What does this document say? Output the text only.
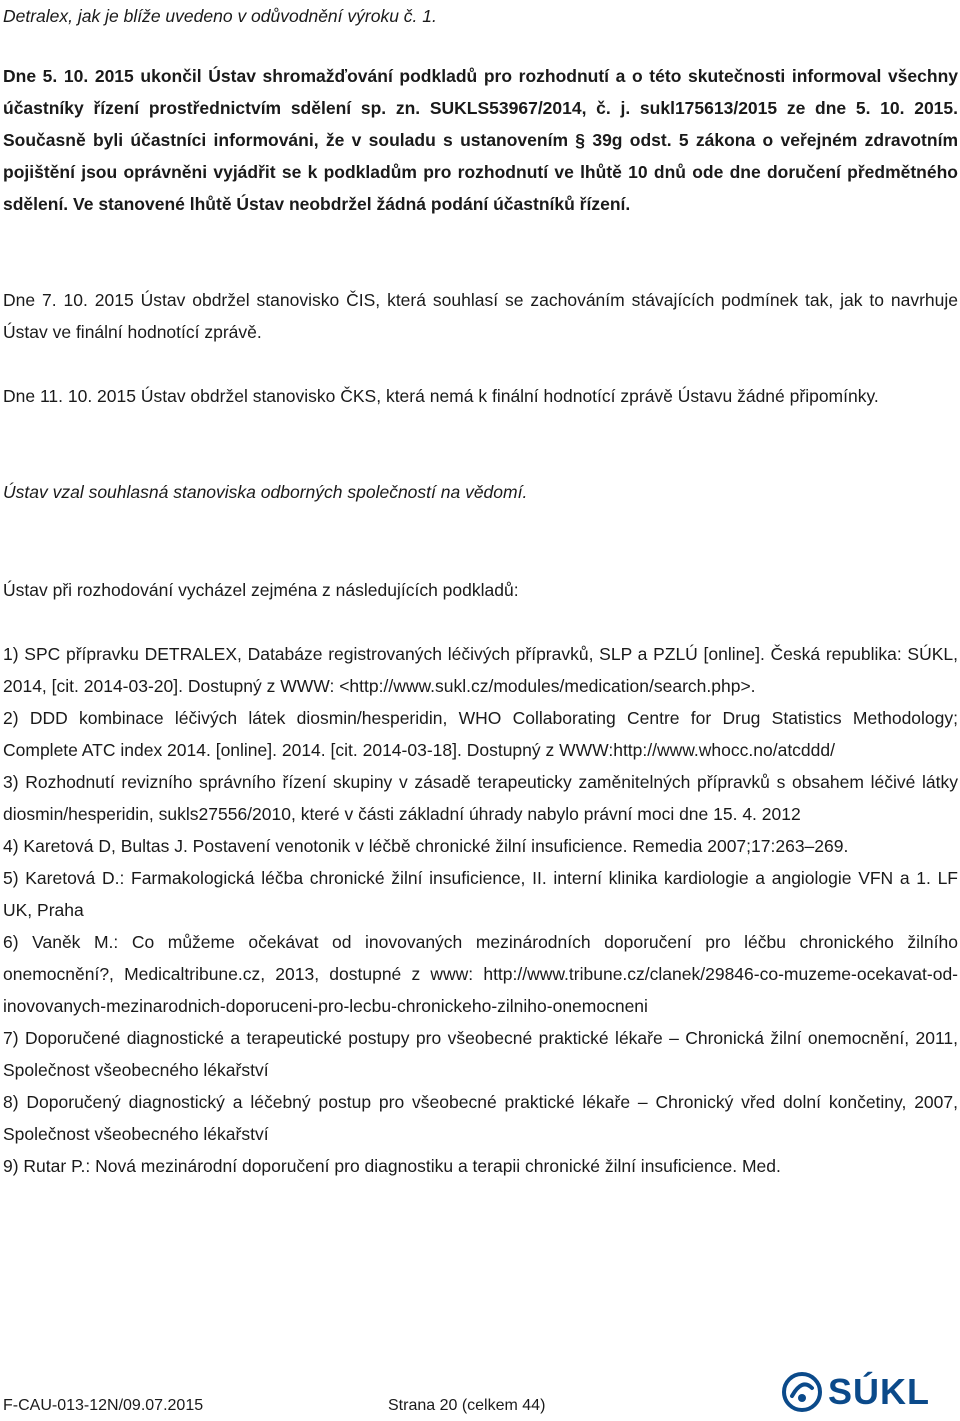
Detralex, jak je blíže uvedeno v odůvodnění výroku č. 1.

Dne 5. 10. 2015 ukončil Ústav shromažďování podkladů pro rozhodnutí a o této skutečnosti informoval všechny účastníky řízení prostřednictvím sdělení sp. zn. SUKLS53967/2014, č. j. sukl175613/2015 ze dne 5. 10. 2015. Současně byli účastníci informováni, že v souladu s ustanovením § 39g odst. 5 zákona o veřejném zdravotním pojištění jsou oprávněni vyjádřit se k podkladům pro rozhodnutí ve lhůtě 10 dnů ode dne doručení předmětného sdělení. Ve stanovené lhůtě Ústav neobdržel žádná podání účastníků řízení.

Dne 7. 10. 2015 Ústav obdržel stanovisko ČIS, která souhlasí se zachováním stávajících podmínek tak, jak to navrhuje Ústav ve finální hodnotící zprávě.

Dne 11. 10. 2015 Ústav obdržel stanovisko ČKS, která nemá k finální hodnotící zprávě Ústavu žádné připomínky.

Ústav vzal souhlasná stanoviska odborných společností na vědomí.

Ústav při rozhodování vycházel zejména z následujících podkladů:

1) SPC přípravku DETRALEX, Databáze registrovaných léčivých přípravků, SLP a PZLÚ [online]. Česká republika: SÚKL, 2014, [cit. 2014-03-20]. Dostupný z WWW: <http://www.sukl.cz/modules/medication/search.php>.

2) DDD kombinace léčivých látek diosmin/hesperidin, WHO Collaborating Centre for Drug Statistics Methodology; Complete ATC index 2014. [online]. 2014. [cit. 2014-03-18]. Dostupný z WWW:http://www.whocc.no/atcddd/

3) Rozhodnutí revizního správního řízení skupiny v zásadě terapeuticky zaměnitelných přípravků s obsahem léčivé látky diosmin/hesperidin, sukls27556/2010, které v části základní úhrady nabylo právní moci dne 15. 4. 2012

4) Karetová D, Bultas J. Postavení venotonik v léčbě chronické žilní insuficience. Remedia 2007;17:263–269.

5) Karetová D.: Farmakologická léčba chronické žilní insuficience, II. interní klinika kardiologie a angiologie VFN a 1. LF UK, Praha

6) Vaněk M.: Co můžeme očekávat od inovovaných mezinárodních doporučení pro léčbu chronického žilního onemocnění?, Medicaltribune.cz, 2013, dostupné z www: http://www.tribune.cz/clanek/29846-co-muzeme-ocekavat-od-inovovanych-mezinarodnich-doporuceni-pro-lecbu-chronickeho-zilniho-onemocneni

7) Doporučené diagnostické a terapeutické postupy pro všeobecné praktické lékaře – Chronická žilní onemocnění, 2011, Společnost všeobecného lékařství

8) Doporučený diagnostický a léčebný postup pro všeobecné praktické lékaře – Chronický vřed dolní končetiny, 2007, Společnost všeobecného lékařství

9) Rutar P.: Nová mezinárodní doporučení pro diagnostiku a terapii chronické žilní insuficience. Med.

F-CAU-013-12N/09.07.2015	Strana 20 (celkem 44)	SÚKL
